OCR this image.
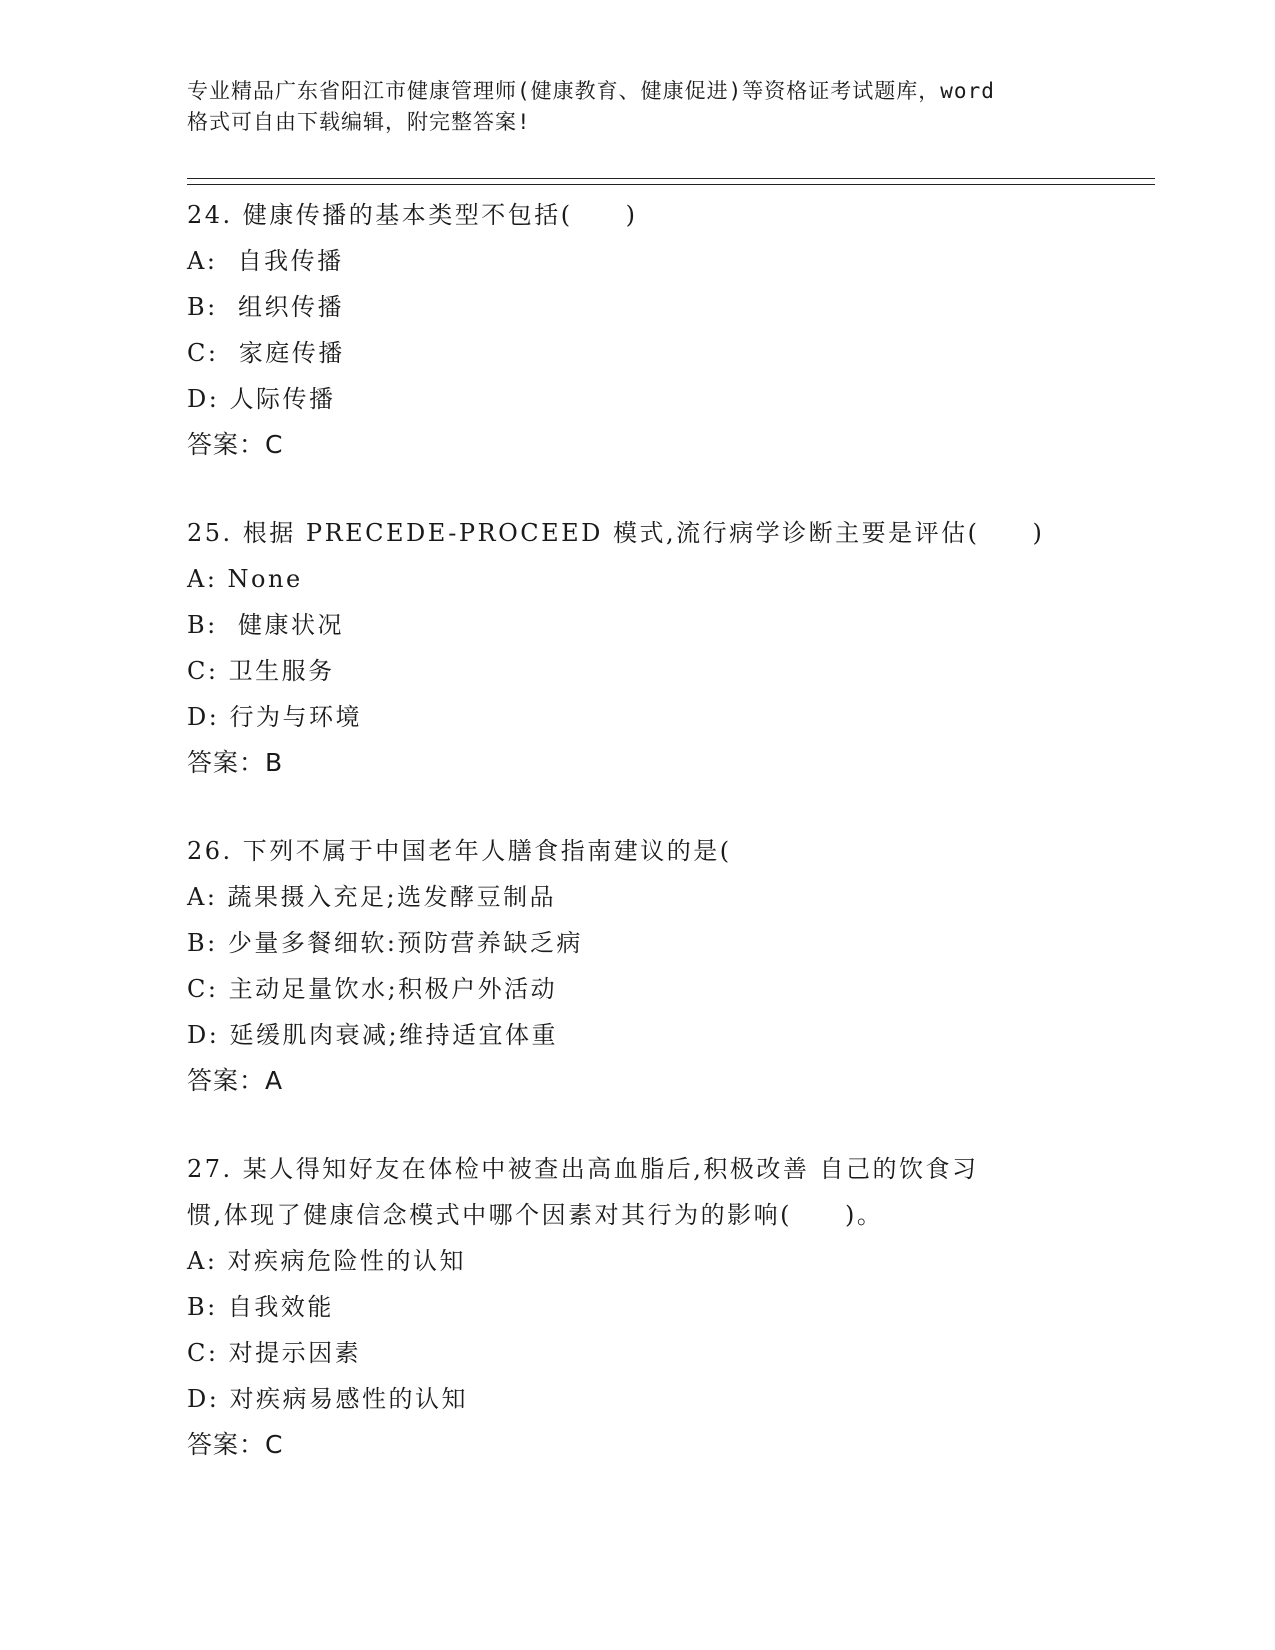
专业精品广东省阳江市健康管理师(健康教育、健康促进)等资格证考试题库，word
格式可自由下载编辑，附完整答案!
24. 健康传播的基本类型不包括(　　)
A:  自我传播
B:  组织传播
C:  家庭传播
D: 人际传播
答案：C
25. 根据 PRECEDE-PROCEED 模式,流行病学诊断主要是评估(　　)
A: None
B:  健康状况
C: 卫生服务
D: 行为与环境
答案：B
26. 下列不属于中国老年人膳食指南建议的是(
A: 蔬果摄入充足;选发酵豆制品
B: 少量多餐细软:预防营养缺乏病
C: 主动足量饮水;积极户外活动
D: 延缓肌肉衰减;维持适宜体重
答案：A
27. 某人得知好友在体检中被查出高血脂后,积极改善 自己的饮食习
惯,体现了健康信念模式中哪个因素对其行为的影响(　　)。
A: 对疾病危险性的认知
B: 自我效能
C: 对提示因素
D: 对疾病易感性的认知
答案：C
